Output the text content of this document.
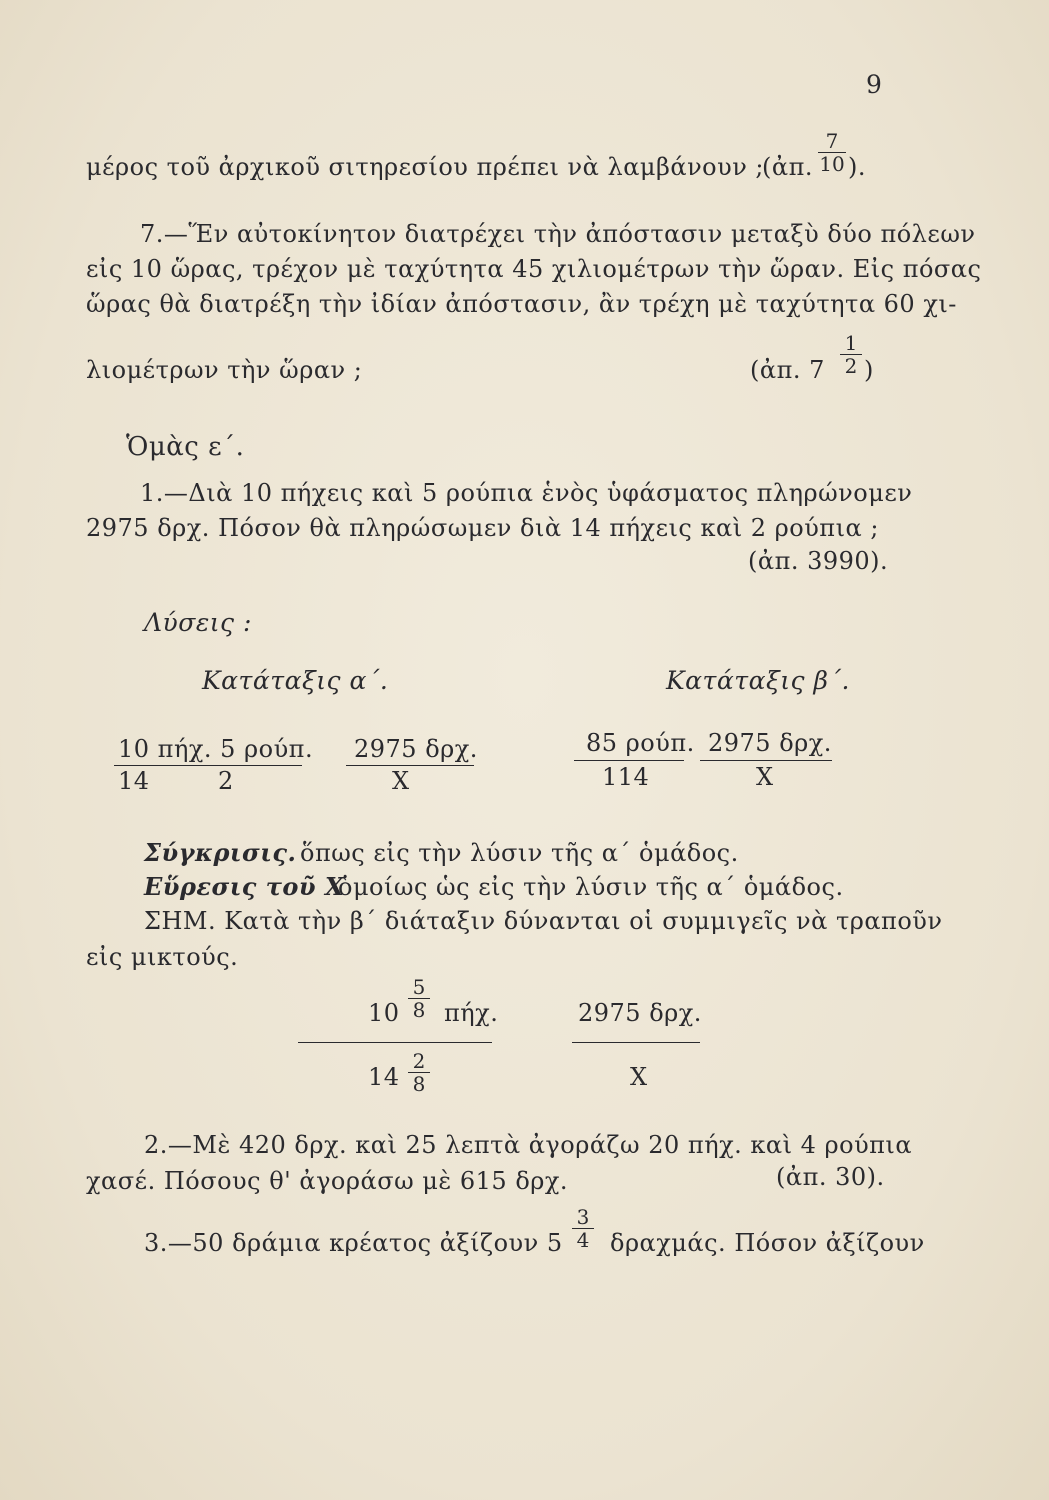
9
μέρος τοῦ ἀρχικοῦ σιτηρεσίου πρέπει νὰ λαμβάνουν ;
(ἀπ. $\frac{7}{10}$ ).
7.—Ἕν αὐτοκίνητον διατρέχει τὴν ἀπόστασιν μεταξὺ δύο πόλεων
εἰς 10 ὥρας, τρέχον μὲ ταχύτητα 45 χιλιομέτρων τὴν ὥραν. Εἰς πόσας
ὥρας θὰ διατρέξη τὴν ἰδίαν ἀπόστασιν, ἂν τρέχη μὲ ταχύτητα 60 χι-
λιομέτρων τὴν ὥραν ;	(ἀπ. $7 \frac{1}{2}$ )
Ὁμὰς ε΄.
1.—Διὰ 10 πήχεις καὶ 5 ρούπια ἑνὸς ὑφάσματος πληρώνομεν
2975 δρχ. Πόσον θὰ πληρώσωμεν διὰ 14 πήχεις καὶ 2 ρούπια ;
(ἀπ. 3990).
Λύσεις :
Κατάταξις α΄.
10 πήχ. 5 ρούπ. 2975 δρχ.
14	2	X
Κατάταξις β΄.
85 ρούπ. 2975 δρχ.
114	X
Σύγκρισις. ὅπως εἰς τὴν λύσιν τῆς α΄ ὁμάδος.
Εὕρεσις τοῦ X
ὁμοίως ὡς εἰς τὴν λύσιν τῆς α΄ ὁμάδος.
ΣΗΜ. Κατὰ τὴν β΄ διάταξιν δύνανται οἱ συμμιγεῖς νὰ τραποῦν
εἰς μικτούς.
$10 \frac{5}{8} \pi ή\chi$.	2975 δρχ.
$14 \frac{2}{8}$	X
2.—Μὲ 420 δρχ. καὶ 25 λεπτὰ ἀγοράζω 20 πήχ. καὶ 4 ρούπια
χασέ. Πόσους θ' ἀγοράσω μὲ 615 δρχ.	(ἀπ. 30).
3.—50 δράμια κρέατος ἀξίζουν $5 \frac{3}{4} \delta\rho\alpha\chi\mu ά\varsigma$. Πόσον ἀξίζουν
